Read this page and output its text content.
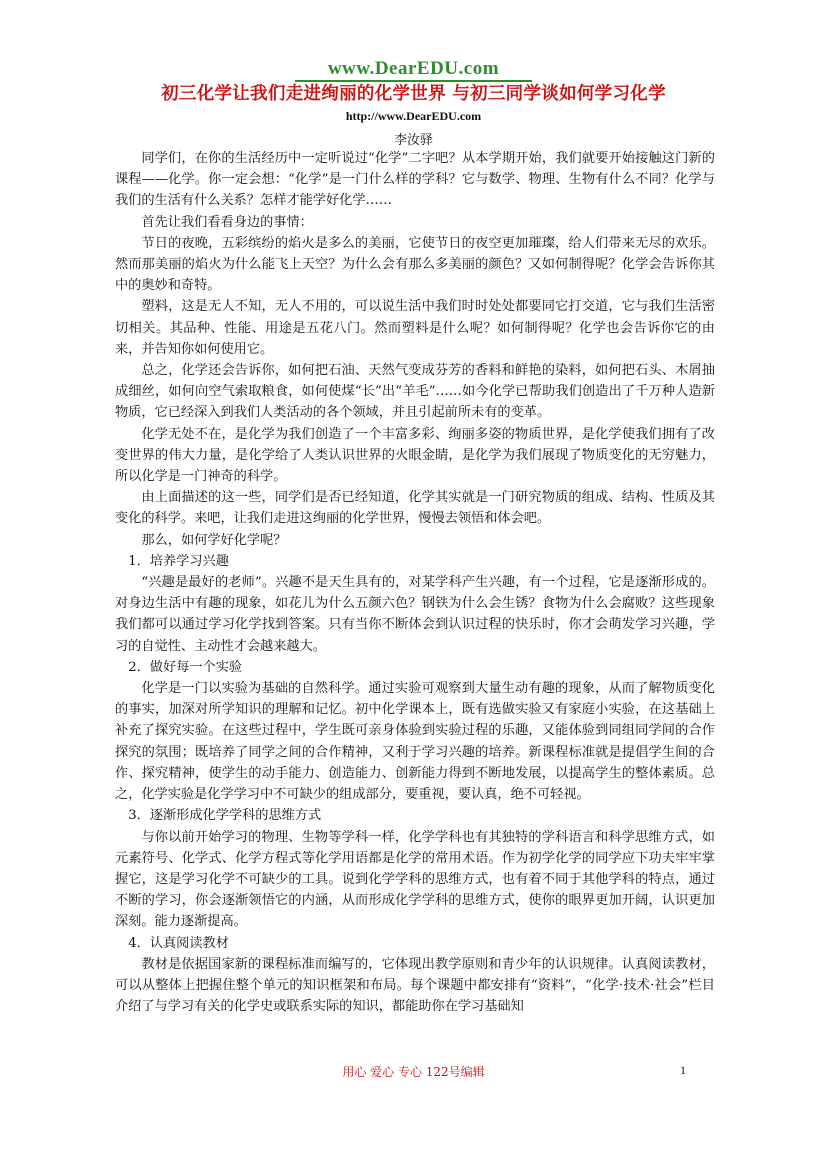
www.DearEDU.com
初三化学让我们走进绚丽的化学世界 与初三同学谈如何学习化学
http://www.DearEDU.com
李汝驿

同学们，在你的生活经历中一定听说过“化学”二字吧？从本学期开始，我们就要开始接触这门新的课程——化学。你一定会想：“化学”是一门什么样的学科？它与数学、物理、生物有什么不同？化学与我们的生活有什么关系？怎样才能学好化学……

首先让我们看看身边的事情：

节日的夜晚，五彩缤纷的焰火是多么的美丽，它使节日的夜空更加璀璨，给人们带来无尽的欢乐。然而那美丽的焰火为什么能飞上天空？为什么会有那么多美丽的颜色？又如何制得呢？化学会告诉你其中的奥妙和奇特。

塑料，这是无人不知，无人不用的，可以说生活中我们时时处处都要同它打交道，它与我们生活密切相关。其品种、性能、用途是五花八门。然而塑料是什么呢？如何制得呢？化学也会告诉你它的由来，并告知你如何使用它。

总之，化学还会告诉你，如何把石油、天然气变成芬芳的香料和鲜艳的染料，如何把石头、木屑抽成细丝，如何向空气索取粮食，如何使煤“长”出“羊毛”……如今化学已帮助我们创造出了千万种人造新物质，它已经深入到我们人类活动的各个领域，并且引起前所未有的变革。

化学无处不在，是化学为我们创造了一个丰富多彩、绚丽多姿的物质世界，是化学使我们拥有了改变世界的伟大力量，是化学给了人类认识世界的火眼金睛，是化学为我们展现了物质变化的无穷魅力，所以化学是一门神奇的科学。

由上面描述的这一些，同学们是否已经知道，化学其实就是一门研究物质的组成、结构、性质及其变化的科学。来吧，让我们走进这绚丽的化学世界，慢慢去领悟和体会吧。

那么，如何学好化学呢？

1．培养学习兴趣

“兴趣是最好的老师”。兴趣不是天生具有的，对某学科产生兴趣，有一个过程，它是逐渐形成的。对身边生活中有趣的现象，如花儿为什么五颜六色？钢铁为什么会生锈？食物为什么会腐败？这些现象我们都可以通过学习化学找到答案。只有当你不断体会到认识过程的快乐时，你才会萌发学习兴趣，学习的自觉性、主动性才会越来越大。

2．做好每一个实验

化学是一门以实验为基础的自然科学。通过实验可观察到大量生动有趣的现象，从而了解物质变化的事实，加深对所学知识的理解和记忆。初中化学课本上，既有选做实验又有家庭小实验，在这基础上补充了探究实验。在这些过程中，学生既可亲身体验到实验过程的乐趣，又能体验到同组同学间的合作探究的氛围；既培养了同学之间的合作精神，又利于学习兴趣的培养。新课程标准就是提倡学生间的合作、探究精神，使学生的动手能力、创造能力、创新能力得到不断地发展，以提高学生的整体素质。总之，化学实验是化学学习中不可缺少的组成部分，要重视，要认真，绝不可轻视。

3．逐渐形成化学学科的思维方式

与你以前开始学习的物理、生物等学科一样，化学学科也有其独特的学科语言和科学思维方式，如元素符号、化学式、化学方程式等化学用语都是化学的常用术语。作为初学化学的同学应下功夫牢牢掌握它，这是学习化学不可缺少的工具。说到化学学科的思维方式，也有着不同于其他学科的特点，通过不断的学习，你会逐渐领悟它的内涵，从而形成化学学科的思维方式，使你的眼界更加开阔，认识更加深刻。能力逐渐提高。

4．认真阅读教材

教材是依据国家新的课程标准而编写的，它体现出教学原则和青少年的认识规律。认真阅读教材，可以从整体上把握住整个单元的知识框架和布局。每个课题中都安排有“资料”，“化学·技术·社会”栏目介绍了与学习有关的化学史或联系实际的知识，都能助你在学习基础知

用心 爱心 专心 122号编辑	1
